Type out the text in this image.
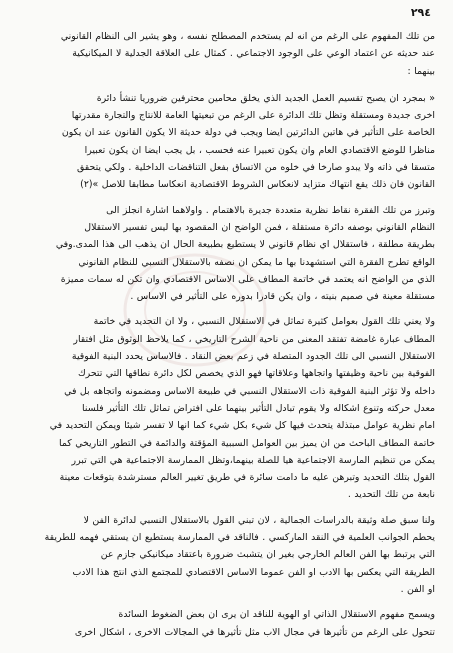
٢٩٤

من تلك المفهوم على الرغم من انه لم يستخدم المصطلح نفسه ، وهو يشير الى النظام القانوني
عند حديثه عن اعتماد الوعي على الوجود الاجتماعي . كمثال على العلاقة الجدلية لا الميكانيكية
بينهما :

« بمجرد ان يصبح تقسيم العمل الجديد الذي يخلق محامين محترفين ضروريا تنشأ دائرة
اخرى جديدة ومستقلة وتظل تلك الدائرة على الرغم من تبعيتها العامة للانتاج والتجارة مقدرتها
الخاصة على التأثير في هاتين الدائرتين ايضا ويجب في دولة حديثة الا يكون القانون عند ان يكون
مناظرا للوضع الاقتصادي العام وان يكون تعبيرا عنه فحسب ، بل يجب ايضا ان يكون تعبيرا
متسقا في ذاته ولا يبدو صارخا في خلوه من الاتساق بفعل التناقضات الداخلية . ولكي يتحقق
القانون فان ذلك يقع انتهاك متزايد لانعكاس الشروط الاقتصادية انعكاسا مطابقا للاصل »(٢)

وتبرز من تلك الفقرة نقاط نظرية متعددة جديرة بالاهتمام . واولاهما اشارة انجلز الى
النظام القانوني بوصفه دائرة مستقلة ، فمن الواضح ان المقصود بها ليس تفسير الاستقلال
بطريقة مطلقة ، فاستقلال اي نظام قانوني لا يستطيع بطبيعة الحال ان يذهب الى هذا المدى.وفي
الواقع تطرح الفقرة التي استشهدنا بها ما يمكن ان نصفه بالاستقلال النسبي للنظام القانوني
الذي من الواضح انه يعتمد في خاتمة المطاف على الاساس الاقتصادي وان تكن له سمات مميزة
مستقلة معينة في صميم بنيته ، وان يكن قادرا بدوره على التأثير في الاساس .

ولا يعني تلك القول بعوامل كثيرة تماثل في الاستقلال النسبي ، ولا ان التحديد في خاتمة
المطاف عبارة غامضة تفتقد المعنى من ناحية الشرح التاريخي ، كما يلاحظ الوثوق مثل افتقار
الاستقلال النسبي الى تلك الجدود المتصلة في زعم بعض النقاد . فالاساس يحدد البنية الفوقية
الفوقية بين ناحية وظيفتها واتجاهها وعلاقاتها فهو الذي يخصص لكل دائرة نطاقها التي تتحرك
داخله ولا تؤثر البنية الفوقية ذات الاستقلال النسبي في طبيعة الاساس ومضمونه واتجاهه بل في
معدل حركته وتنوع اشكاله ولا يقوم تبادل التأثير بينهما على افتراض تماثل تلك التأثير فلسنا
امام نظرية عوامل مبتذلة يتحدث فيها كل شيء بكل شيء كما انها لا تفسر شيئا ويمكن التحديد في
خاتمة المطاف الباحث من ان يميز بين العوامل السببية المؤقتة والدائمة في التطور التاريخي كما
يمكن من تنظيم المارسة الاجتماعية هيا للصلة بينهما،وتظل الممارسة الاجتماعية هي التي تبرر
القول بتلك التحديد وتبرهن عليه ما دامت سائرة في طريق تغيير العالم مسترشدة بتوقعات معينة
نابعة من تلك التحديد .

ولنا سبق صلة وثيقة بالدراسات الجمالية ، لان تبني القول بالاستقلال النسبي لدائرة الفن لا
يحطم الجوانب العلمية في النقد الماركسي . فالناقد في الممارسة يستطيع ان يستقي فهمه للطريقة
التي يرتبط بها الفن العالم الخارجي بغير ان يتشبث ضرورة باعتقاد ميكانيكي جازم عن
الطريقة التي يعكس بها الادب او الفن عموما الاساس الاقتصادي للمجتمع الذي انتج هذا الادب
او الفن .

ويسمح مفهوم الاستقلال الذاتي او الهوية للناقد ان يرى ان بعض الضغوط السائدة
تتحول على الرغم من تأثيرها في مجال الاب مثل تأثيرها في المجالات الاخرى ، اشكال اخرى
